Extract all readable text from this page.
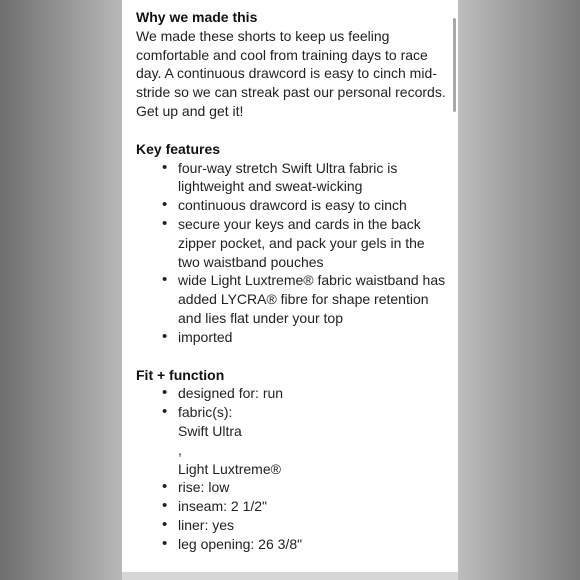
Why we made this

We made these shorts to keep us feeling comfortable and cool from training days to race day. A continuous drawcord is easy to cinch mid-stride so we can streak past our personal records. Get up and get it!

Key features
• four-way stretch Swift Ultra fabric is lightweight and sweat-wicking
• continuous drawcord is easy to cinch
• secure your keys and cards in the back zipper pocket, and pack your gels in the two waistband pouches
• wide Light Luxtreme® fabric waistband has added LYCRA® fibre for shape retention and lies flat under your top
• imported
Fit + function
• designed for: run
• fabric(s):
Swift Ultra
,
Light Luxtreme®
• rise: low
• inseam: 2 1/2"
• liner: yes
• leg opening: 26 3/8"
